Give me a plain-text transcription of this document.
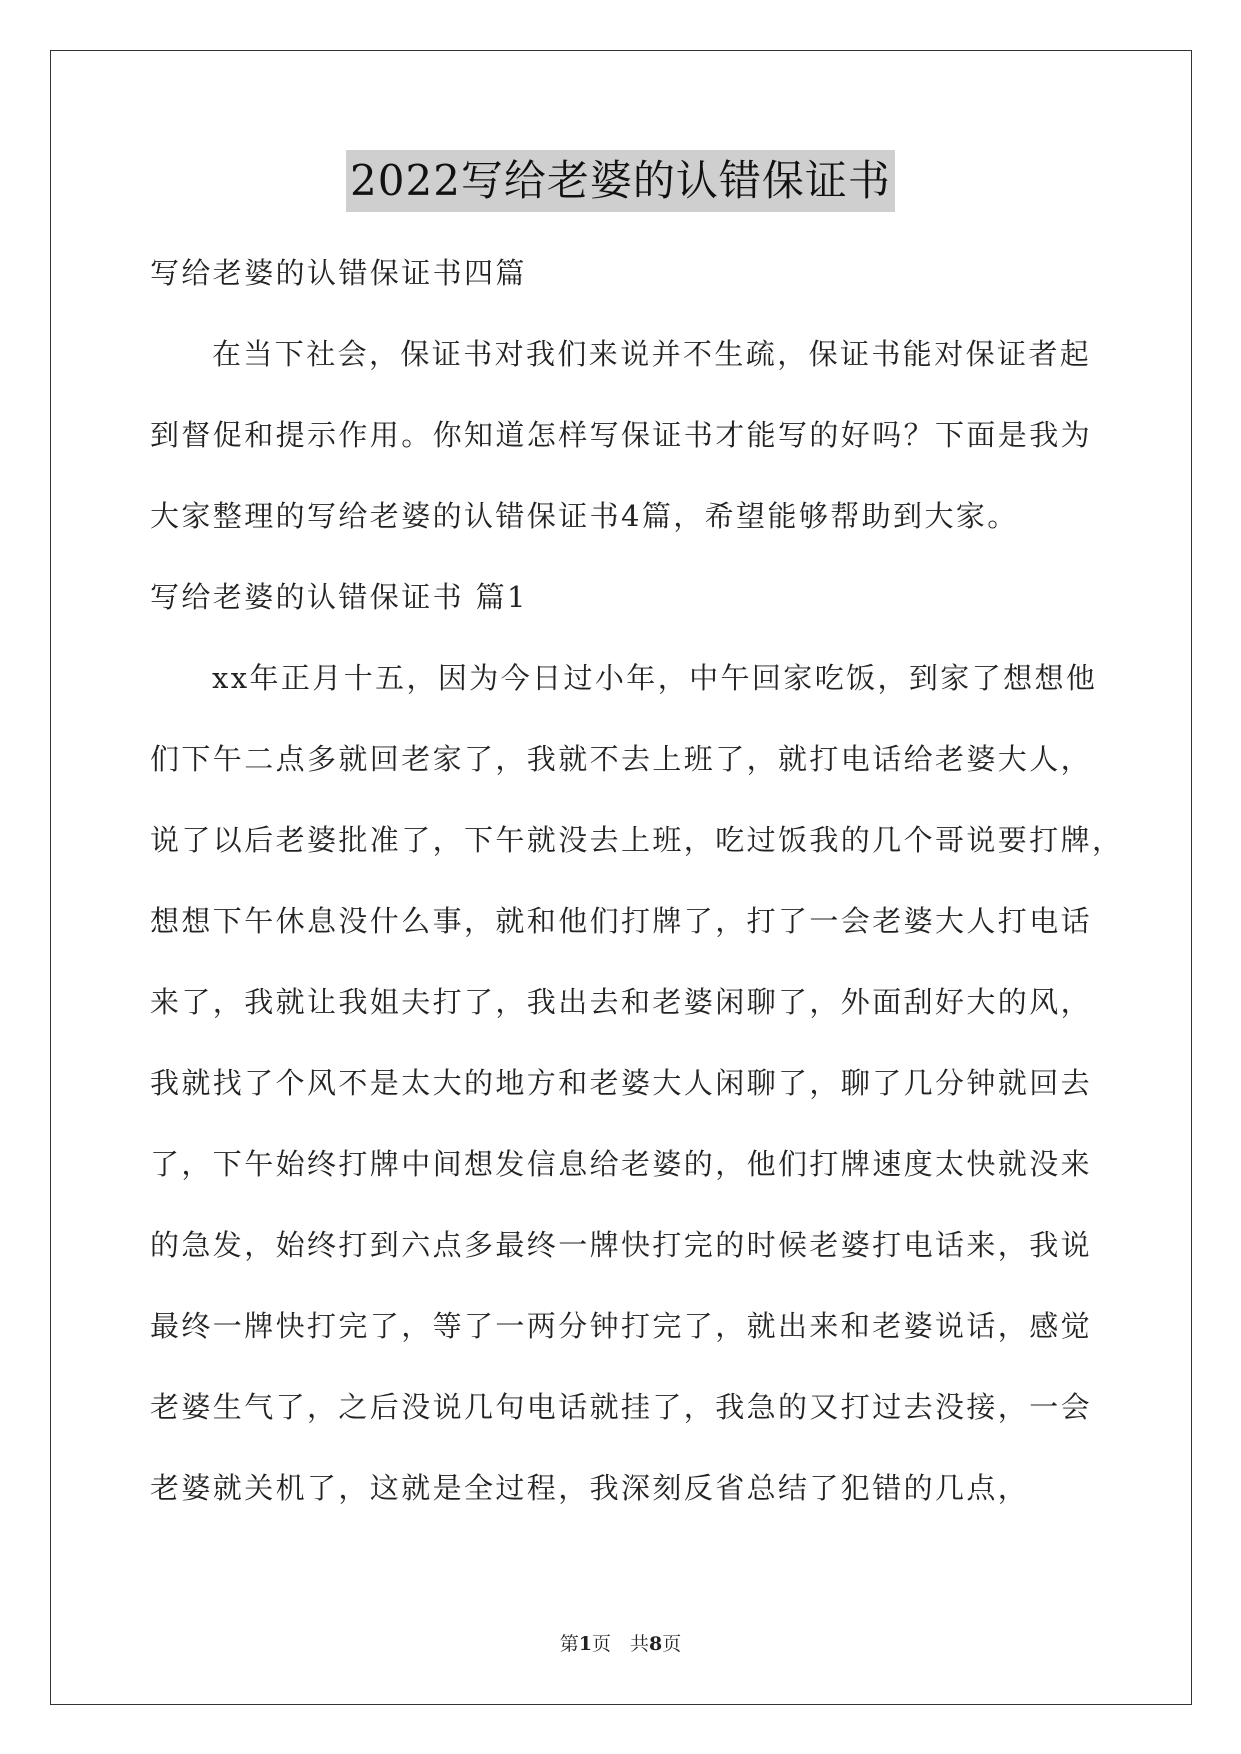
2022写给老婆的认错保证书
写给老婆的认错保证书四篇
在当下社会，保证书对我们来说并不生疏，保证书能对保证者起
到督促和提示作用。你知道怎样写保证书才能写的好吗？下面是我为
大家整理的写给老婆的认错保证书4篇，希望能够帮助到大家。
写给老婆的认错保证书 篇1
xx年正月十五，因为今日过小年，中午回家吃饭，到家了想想他
们下午二点多就回老家了，我就不去上班了，就打电话给老婆大人，
说了以后老婆批准了，下午就没去上班，吃过饭我的几个哥说要打牌，
想想下午休息没什么事，就和他们打牌了，打了一会老婆大人打电话
来了，我就让我姐夫打了，我出去和老婆闲聊了，外面刮好大的风，
我就找了个风不是太大的地方和老婆大人闲聊了，聊了几分钟就回去
了，下午始终打牌中间想发信息给老婆的，他们打牌速度太快就没来
的急发，始终打到六点多最终一牌快打完的时候老婆打电话来，我说
最终一牌快打完了，等了一两分钟打完了，就出来和老婆说话，感觉
老婆生气了，之后没说几句电话就挂了，我急的又打过去没接，一会
老婆就关机了，这就是全过程，我深刻反省总结了犯错的几点，
第1页　共8页
